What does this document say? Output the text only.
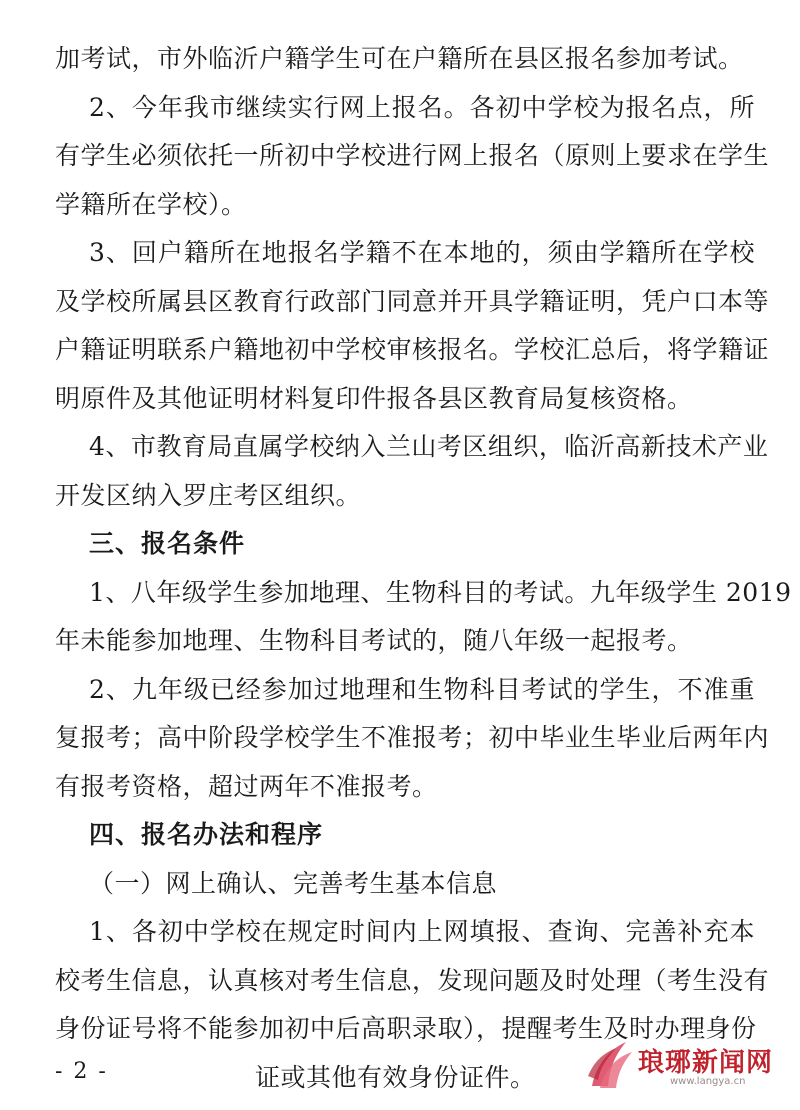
加考试，市外临沂户籍学生可在户籍所在县区报名参加考试。
2、今年我市继续实行网上报名。各初中学校为报名点，所
有学生必须依托一所初中学校进行网上报名（原则上要求在学生
学籍所在学校）。
3、回户籍所在地报名学籍不在本地的，须由学籍所在学校
及学校所属县区教育行政部门同意并开具学籍证明，凭户口本等
户籍证明联系户籍地初中学校审核报名。学校汇总后，将学籍证
明原件及其他证明材料复印件报各县区教育局复核资格。
4、市教育局直属学校纳入兰山考区组织，临沂高新技术产业
开发区纳入罗庄考区组织。
三、报名条件
1、八年级学生参加地理、生物科目的考试。九年级学生 2019
年未能参加地理、生物科目考试的，随八年级一起报考。
2、九年级已经参加过地理和生物科目考试的学生，不准重
复报考；高中阶段学校学生不准报考；初中毕业生毕业后两年内
有报考资格，超过两年不准报考。
四、报名办法和程序
（一）网上确认、完善考生基本信息
1、各初中学校在规定时间内上网填报、查询、完善补充本
校考生信息，认真核对考生信息，发现问题及时处理（考生没有
身份证号将不能参加初中后高职录取），提醒考生及时办理身份
证或其他有效身份证件。
- 2 -	琅琊新闻网
www.langya.cn
